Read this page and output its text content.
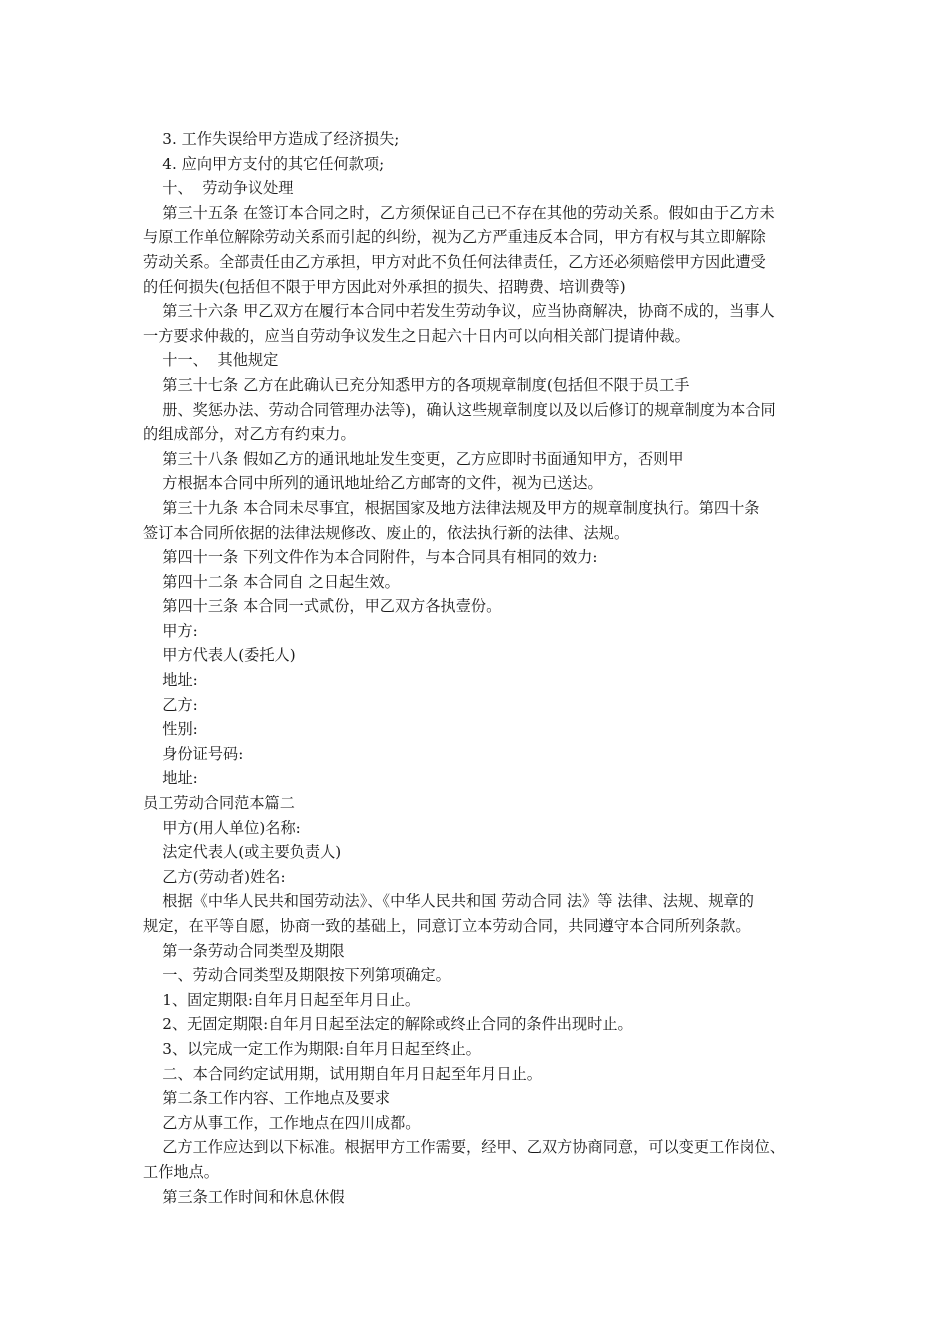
3. 工作失误给甲方造成了经济损失;
4. 应向甲方支付的其它任何款项;
十、  劳动争议处理
第三十五条 在签订本合同之时，乙方须保证自己已不存在其他的劳动关系。假如由于乙方未
与原工作单位解除劳动关系而引起的纠纷，视为乙方严重违反本合同，甲方有权与其立即解除
劳动关系。全部责任由乙方承担，甲方对此不负任何法律责任，乙方还必须赔偿甲方因此遭受
的任何损失(包括但不限于甲方因此对外承担的损失、招聘费、培训费等)
第三十六条 甲乙双方在履行本合同中若发生劳动争议，应当协商解决，协商不成的，当事人
一方要求仲裁的，应当自劳动争议发生之日起六十日内可以向相关部门提请仲裁。
十一、  其他规定
第三十七条 乙方在此确认已充分知悉甲方的各项规章制度(包括但不限于员工手
册、奖惩办法、劳动合同管理办法等)，确认这些规章制度以及以后修订的规章制度为本合同
的组成部分，对乙方有约束力。
第三十八条 假如乙方的通讯地址发生变更，乙方应即时书面通知甲方，否则甲
方根据本合同中所列的通讯地址给乙方邮寄的文件，视为已送达。
第三十九条 本合同未尽事宜，根据国家及地方法律法规及甲方的规章制度执行。第四十条
签订本合同所依据的法律法规修改、废止的，依法执行新的法律、法规。
第四十一条 下列文件作为本合同附件，与本合同具有相同的效力:
第四十二条 本合同自 之日起生效。
第四十三条 本合同一式贰份，甲乙双方各执壹份。
甲方:
甲方代表人(委托人)
地址:
乙方:
性别:
身份证号码:
地址:
员工劳动合同范本篇二
甲方(用人单位)名称:
法定代表人(或主要负责人)
乙方(劳动者)姓名:
根据《中华人民共和国劳动法》、《中华人民共和国 劳动合同 法》等 法律、法规、规章的
规定，在平等自愿，协商一致的基础上，同意订立本劳动合同，共同遵守本合同所列条款。
第一条劳动合同类型及期限
一、劳动合同类型及期限按下列第项确定。
1、固定期限:自年月日起至年月日止。
2、无固定期限:自年月日起至法定的解除或终止合同的条件出现时止。
3、以完成一定工作为期限:自年月日起至终止。
二、本合同约定试用期，试用期自年月日起至年月日止。
第二条工作内容、工作地点及要求
乙方从事工作，工作地点在四川成都。
乙方工作应达到以下标准。根据甲方工作需要，经甲、乙双方协商同意，可以变更工作岗位、
工作地点。
第三条工作时间和休息休假
